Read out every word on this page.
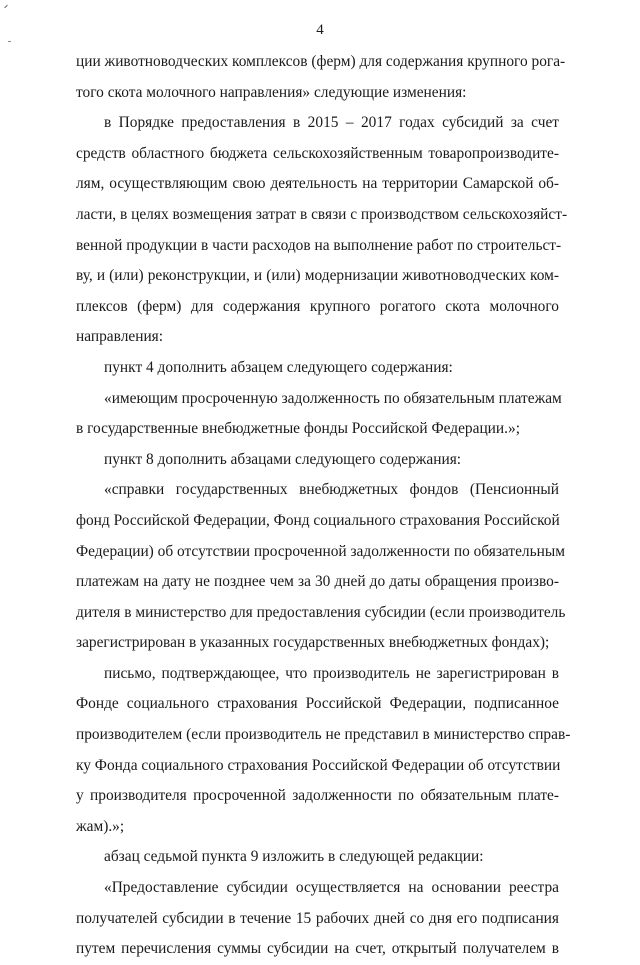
4
ции животноводческих комплексов (ферм) для содержания крупного рога-
того скота молочного направления» следующие изменения:
в Порядке предоставления в 2015 – 2017 годах субсидий за счет
средств областного бюджета сельскохозяйственным товаропроизводите-
лям, осуществляющим свою деятельность на территории Самарской об-
ласти, в целях возмещения затрат в связи с производством сельскохозяйст-
венной продукции в части расходов на выполнение работ по строительст-
ву, и (или) реконструкции, и (или) модернизации животноводческих ком-
плексов (ферм) для содержания крупного рогатого скота молочного
направления:
пункт 4 дополнить абзацем следующего содержания:
«имеющим просроченную задолженность по обязательным платежам
в государственные внебюджетные фонды Российской Федерации.»;
пункт 8 дополнить абзацами следующего содержания:
«справки государственных внебюджетных фондов (Пенсионный
фонд Российской Федерации, Фонд социального страхования Российской
Федерации) об отсутствии просроченной задолженности по обязательным
платежам на дату не позднее чем за 30 дней до даты обращения произво-
дителя в министерство для предоставления субсидии (если производитель
зарегистрирован в указанных государственных внебюджетных фондах);
письмо, подтверждающее, что производитель не зарегистрирован в
Фонде социального страхования Российской Федерации, подписанное
производителем (если производитель не представил в министерство справ-
ку Фонда социального страхования Российской Федерации об отсутствии
у производителя просроченной задолженности по обязательным плате-
жам).»;
абзац седьмой пункта 9 изложить в следующей редакции:
«Предоставление субсидии осуществляется на основании реестра
получателей субсидии в течение 15 рабочих дней со дня его подписания
путем перечисления суммы субсидии на счет, открытый получателем в
